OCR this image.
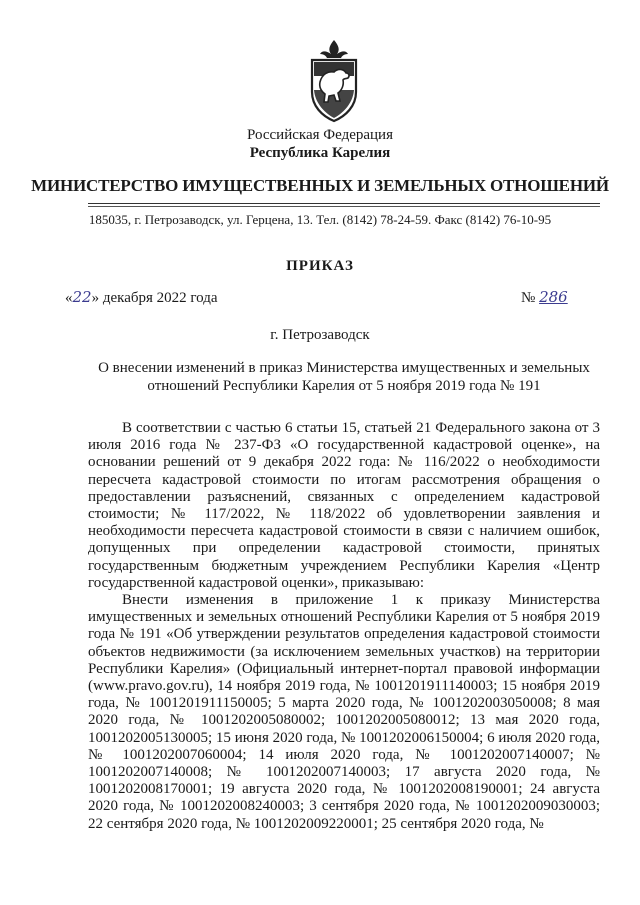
Российская Федерация
Республика Карелия
МИНИСТЕРСТВО ИМУЩЕСТВЕННЫХ И ЗЕМЕЛЬНЫХ ОТНОШЕНИЙ
185035, г. Петрозаводск, ул. Герцена, 13. Тел. (8142) 78-24-59. Факс (8142) 76-10-95
ПРИКАЗ
«22» декабря 2022 года	№ 286
г. Петрозаводск
О внесении изменений в приказ Министерства имущественных и земельных отношений Республики Карелия от 5 ноября 2019 года № 191

В соответствии с частью 6 статьи 15, статьей 21 Федерального закона от 3 июля 2016 года № 237-ФЗ «О государственной кадастровой оценке», на основании решений от 9 декабря 2022 года: № 116/2022 о необходимости пересчета кадастровой стоимости по итогам рассмотрения обращения о предоставлении разъяснений, связанных с определением кадастровой стоимости; № 117/2022, № 118/2022 об удовлетворении заявления и необходимости пересчета кадастровой стоимости в связи с наличием ошибок, допущенных при определении кадастровой стоимости, принятых государственным бюджетным учреждением Республики Карелия «Центр государственной кадастровой оценки», приказываю:

Внести изменения в приложение 1 к приказу Министерства имущественных и земельных отношений Республики Карелия от 5 ноября 2019 года № 191 «Об утверждении результатов определения кадастровой стоимости объектов недвижимости (за исключением земельных участков) на территории Республики Карелия» (Официальный интернет-портал правовой информации (www.pravo.gov.ru), 14 ноября 2019 года, № 1001201911140003; 15 ноября 2019 года, № 1001201911150005; 5 марта 2020 года, № 1001202003050008; 8 мая 2020 года, № 1001202005080002; 1001202005080012; 13 мая 2020 года, 1001202005130005; 15 июня 2020 года, № 1001202006150004; 6 июля 2020 года, № 1001202007060004; 14 июля 2020 года, № 1001202007140007; № 1001202007140008; № 1001202007140003; 17 августа 2020 года, № 1001202008170001; 19 августа 2020 года, № 1001202008190001; 24 августа 2020 года, № 1001202008240003; 3 сентября 2020 года, № 1001202009030003; 22 сентября 2020 года, № 1001202009220001; 25 сентября 2020 года, №
